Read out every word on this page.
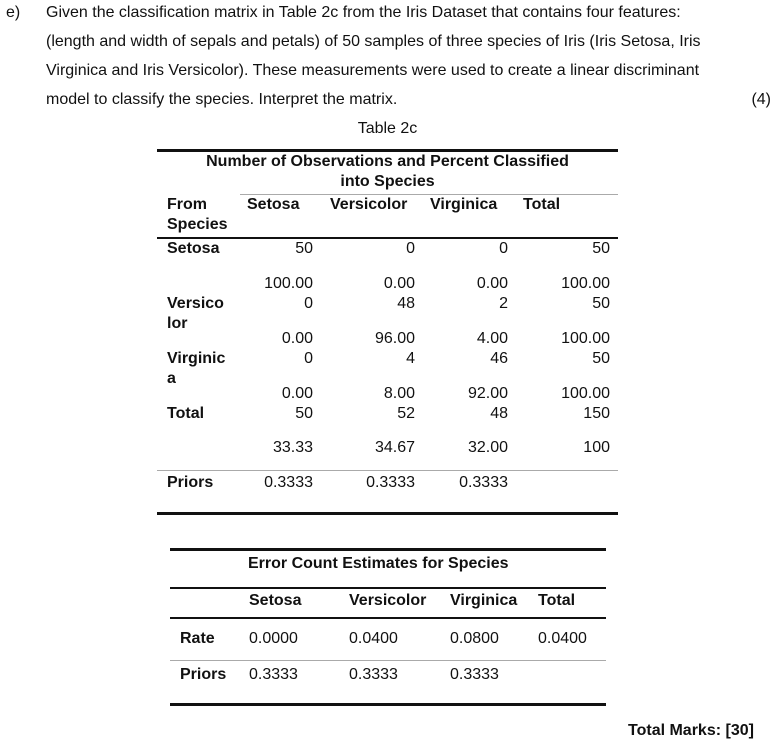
e) Given the classification matrix in Table 2c from the Iris Dataset that contains four features:
(length and width of sepals and petals) of 50 samples of three species of Iris (Iris Setosa, Iris
Virginica and Iris Versicolor). These measurements were used to create a linear discriminant
model to classify the species. Interpret the matrix.	(4)
Table 2c
Number of Observations and Percent Classified
into Species
From
Species
Setosa Versicolor Virginica Total
Setosa	50	0	0	50
100.00	0.00	0.00	100.00
Versico
lor
0	48	2	50
0.00	96.00	4.00	100.00
Virginic
a
0	4	46	50
0.00	8.00	92.00	100.00
Total	50	52	48	150
33.33	34.67	32.00	100
Priors	0.3333	0.3333	0.3333
Error Count Estimates for Species
Setosa	Versicolor Virginica Total
Rate 0.0000	0.0400	0.0800 0.0400
Priors 0.3333	0.3333	0.3333
Total Marks: [30]
